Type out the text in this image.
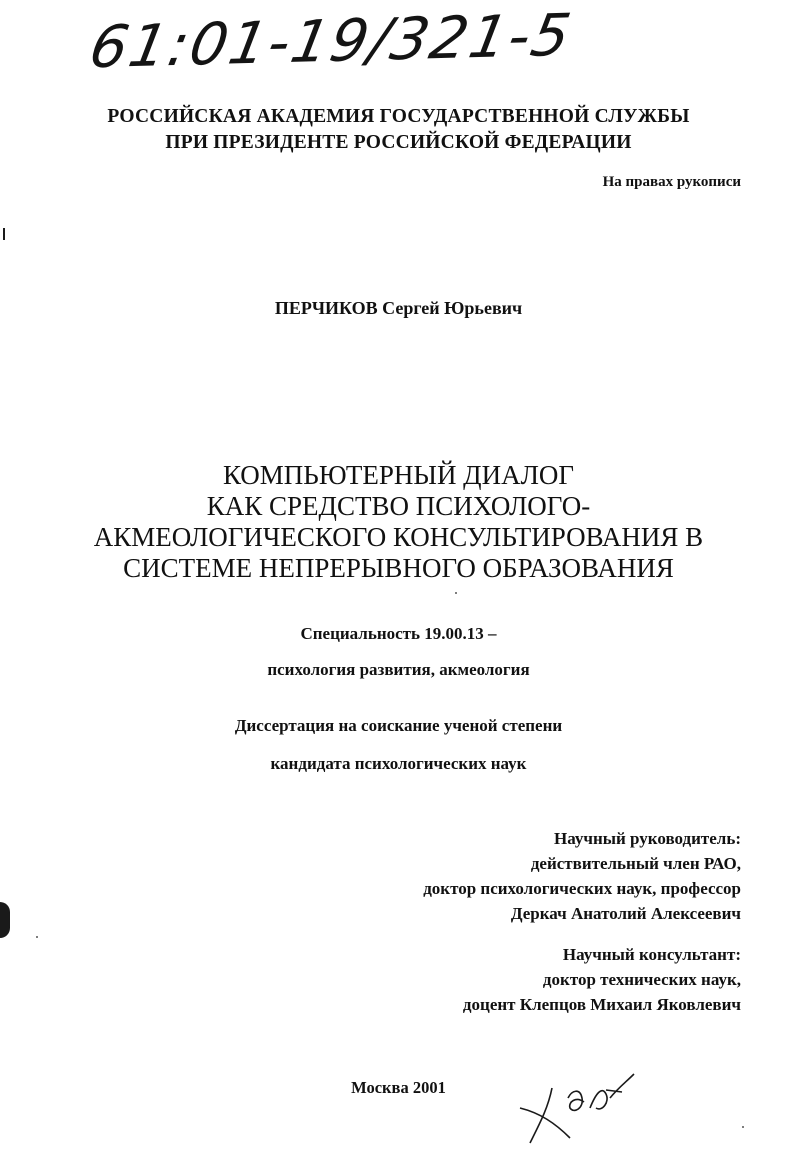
61:01-19/321-5
РОССИЙСКАЯ АКАДЕМИЯ ГОСУДАРСТВЕННОЙ СЛУЖБЫ
ПРИ ПРЕЗИДЕНТЕ РОССИЙСКОЙ ФЕДЕРАЦИИ
На правах рукописи
ПЕРЧИКОВ Сергей Юрьевич
КОМПЬЮТЕРНЫЙ ДИАЛОГ
КАК СРЕДСТВО ПСИХОЛОГО-
АКМЕОЛОГИЧЕСКОГО КОНСУЛЬТИРОВАНИЯ В
СИСТЕМЕ НЕПРЕРЫВНОГО ОБРАЗОВАНИЯ
Специальность 19.00.13 –
психология развития, акмеология
Диссертация на соискание ученой степени
кандидата психологических наук
Научный руководитель:
действительный член РАО,
доктор психологических наук, профессор
Деркач Анатолий Алексеевич
Научный консультант:
доктор технических наук,
доцент Клепцов Михаил Яковлевич
Москва 2001
